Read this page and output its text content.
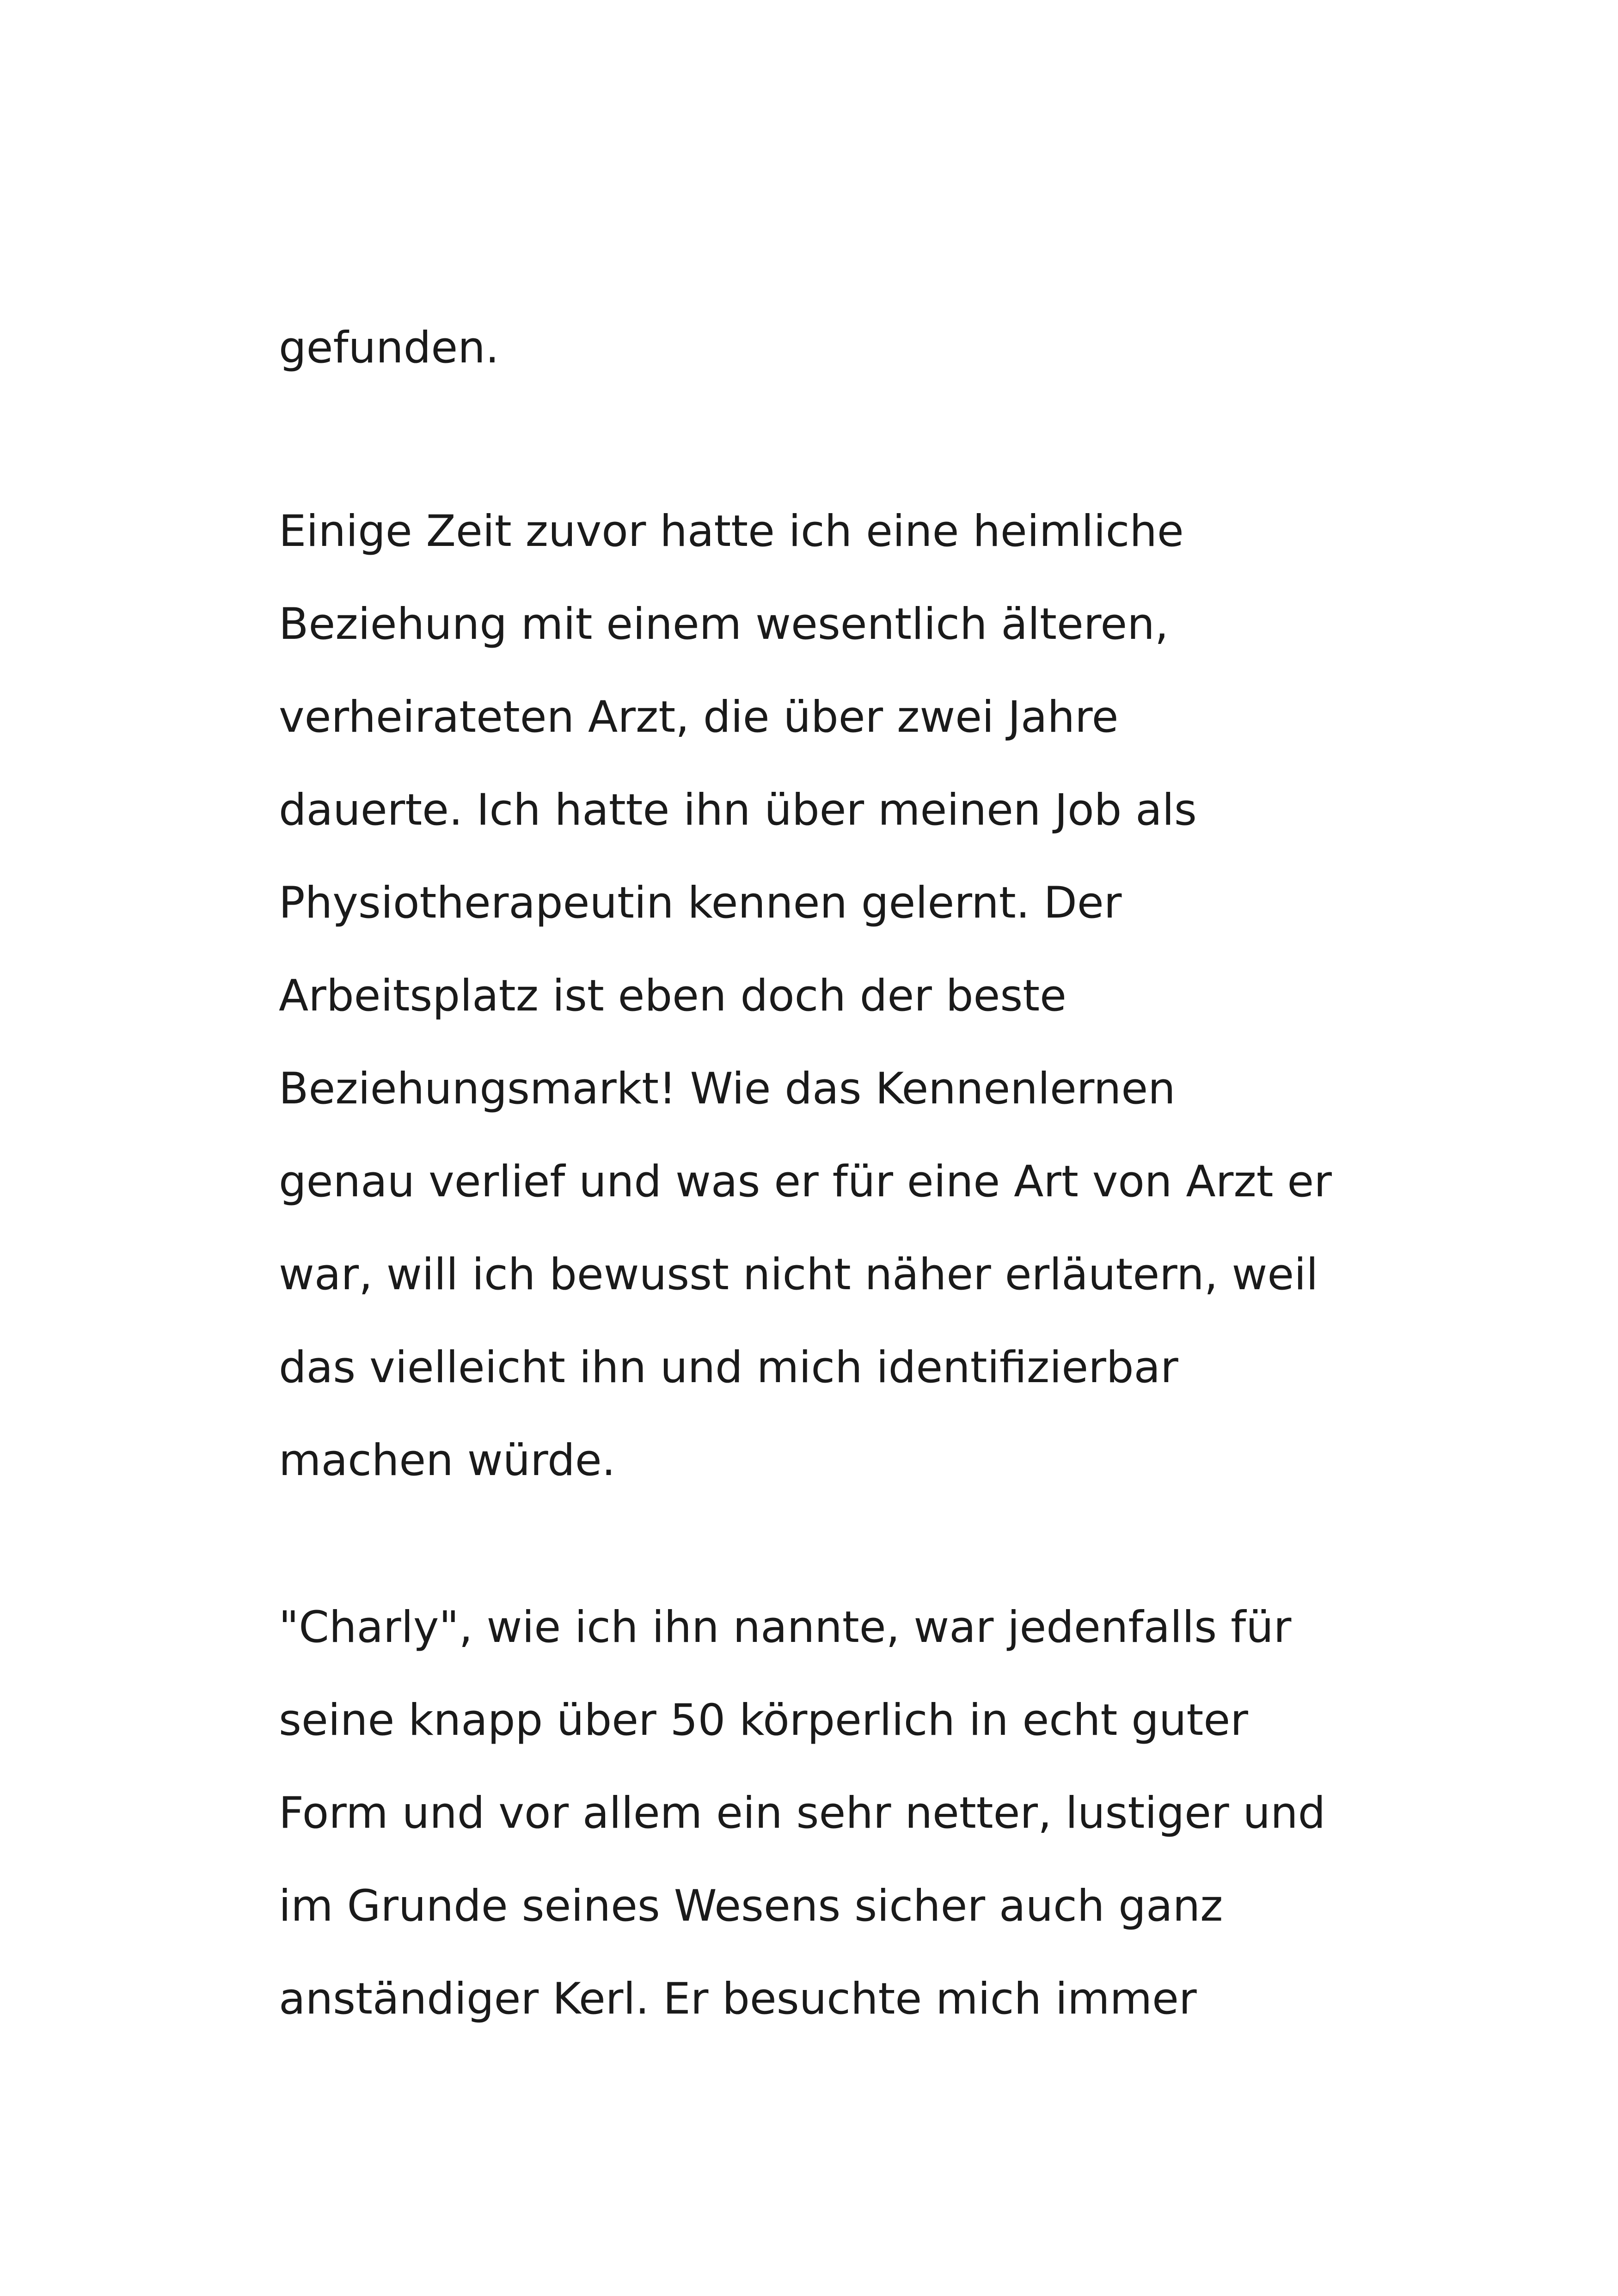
gefunden.

Einige Zeit zuvor hatte ich eine heimliche

Beziehung mit einem wesentlich älteren,

verheirateten Arzt, die über zwei Jahre

dauerte. Ich hatte ihn über meinen Job als

Physiotherapeutin kennen gelernt. Der

Arbeitsplatz ist eben doch der beste

Beziehungsmarkt! Wie das Kennenlernen

genau verlief und was er für eine Art von Arzt er

war, will ich bewusst nicht näher erläutern, weil

das vielleicht ihn und mich identifizierbar

machen würde.

"Charly", wie ich ihn nannte, war jedenfalls für

seine knapp über 50 körperlich in echt guter

Form und vor allem ein sehr netter, lustiger und

im Grunde seines Wesens sicher auch ganz

anständiger Kerl. Er besuchte mich immer
